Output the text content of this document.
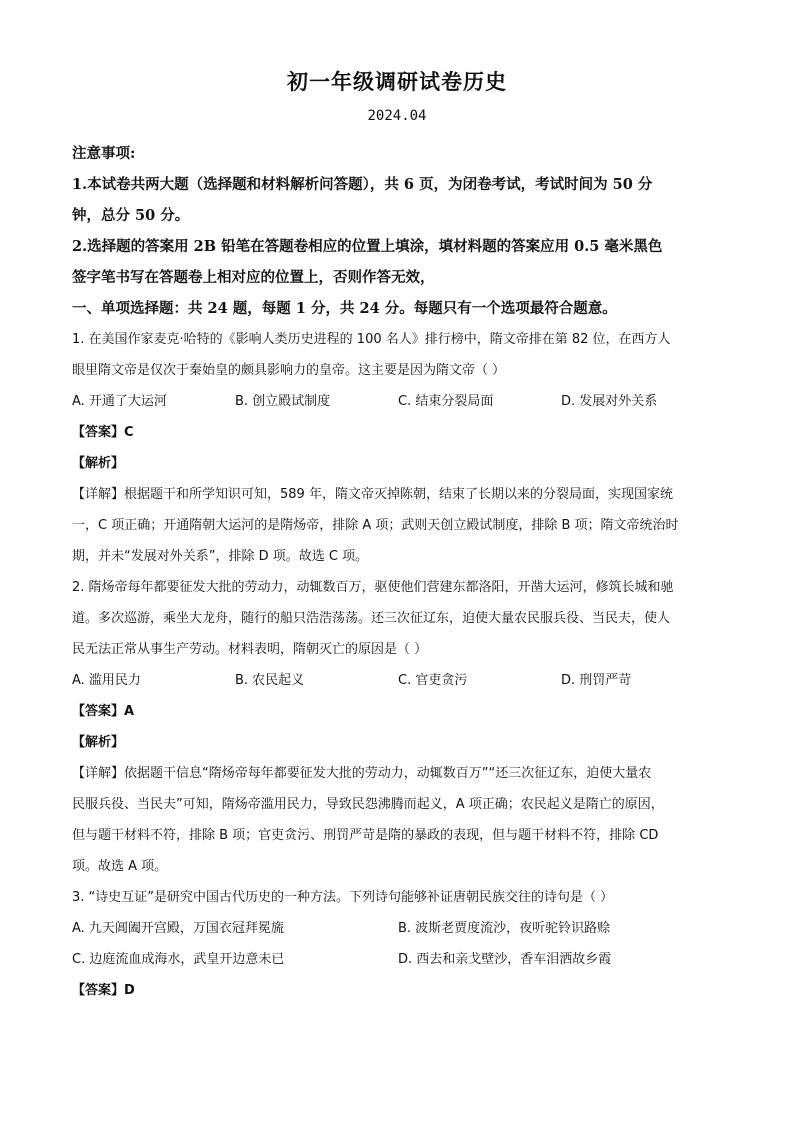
初一年级调研试卷历史
2024.04
注意事项:
1.本试卷共两大题（选择题和材料解析问答题），共 6 页，为闭卷考试，考试时间为 50 分
钟，总分 50 分。
2.选择题的答案用 2B 铅笔在答题卷相应的位置上填涂，填材料题的答案应用 0.5 毫米黑色
签字笔书写在答题卷上相对应的位置上，否则作答无效，
一、单项选择题：共 24 题，每题 1 分，共 24 分。每题只有一个选项最符合题意。
1. 在美国作家麦克·哈特的《影响人类历史进程的 100 名人》排行榜中，隋文帝排在第 82 位，在西方人
眼里隋文帝是仅次于秦始皇的颇具影响力的皇帝。这主要是因为隋文帝（ ）
A. 开通了大运河	B. 创立殿试制度	C. 结束分裂局面	D. 发展对外关系
【答案】C
【解析】
【详解】根据题干和所学知识可知，589 年，隋文帝灭掉陈朝，结束了长期以来的分裂局面，实现国家统
一，C 项正确；开通隋朝大运河的是隋炀帝，排除 A 项；武则天创立殿试制度，排除 B 项；隋文帝统治时
期，并未“发展对外关系”，排除 D 项。故选 C 项。
2. 隋炀帝每年都要征发大批的劳动力，动辄数百万，驱使他们营建东都洛阳，开凿大运河，修筑长城和驰
道。多次巡游，乘坐大龙舟，随行的船只浩浩荡荡。还三次征辽东，迫使大量农民服兵役、当民夫，使人
民无法正常从事生产劳动。材料表明，隋朝灭亡的原因是（ ）
A. 滥用民力	B. 农民起义	C. 官吏贪污	D. 刑罚严苛
【答案】A
【解析】
【详解】依据题干信息“隋炀帝每年都要征发大批的劳动力，动辄数百万”“还三次征辽东，迫使大量农
民服兵役、当民夫”可知，隋炀帝滥用民力，导致民怨沸腾而起义，A 项正确；农民起义是隋亡的原因，
但与题干材料不符，排除 B 项；官吏贪污、刑罚严苛是隋的暴政的表现，但与题干材料不符，排除 CD
项。故选 A 项。
3. “诗史互证”是研究中国古代历史的一种方法。下列诗句能够补证唐朝民族交往的诗句是（ ）
A. 九天阊阖开宫殿，万国衣冠拜冕旒	B. 波斯老贾度流沙，夜听驼铃识路赊
C. 边庭流血成海水，武皇开边意未已	D. 西去和亲戈壁沙，香车泪洒故乡霞
【答案】D
